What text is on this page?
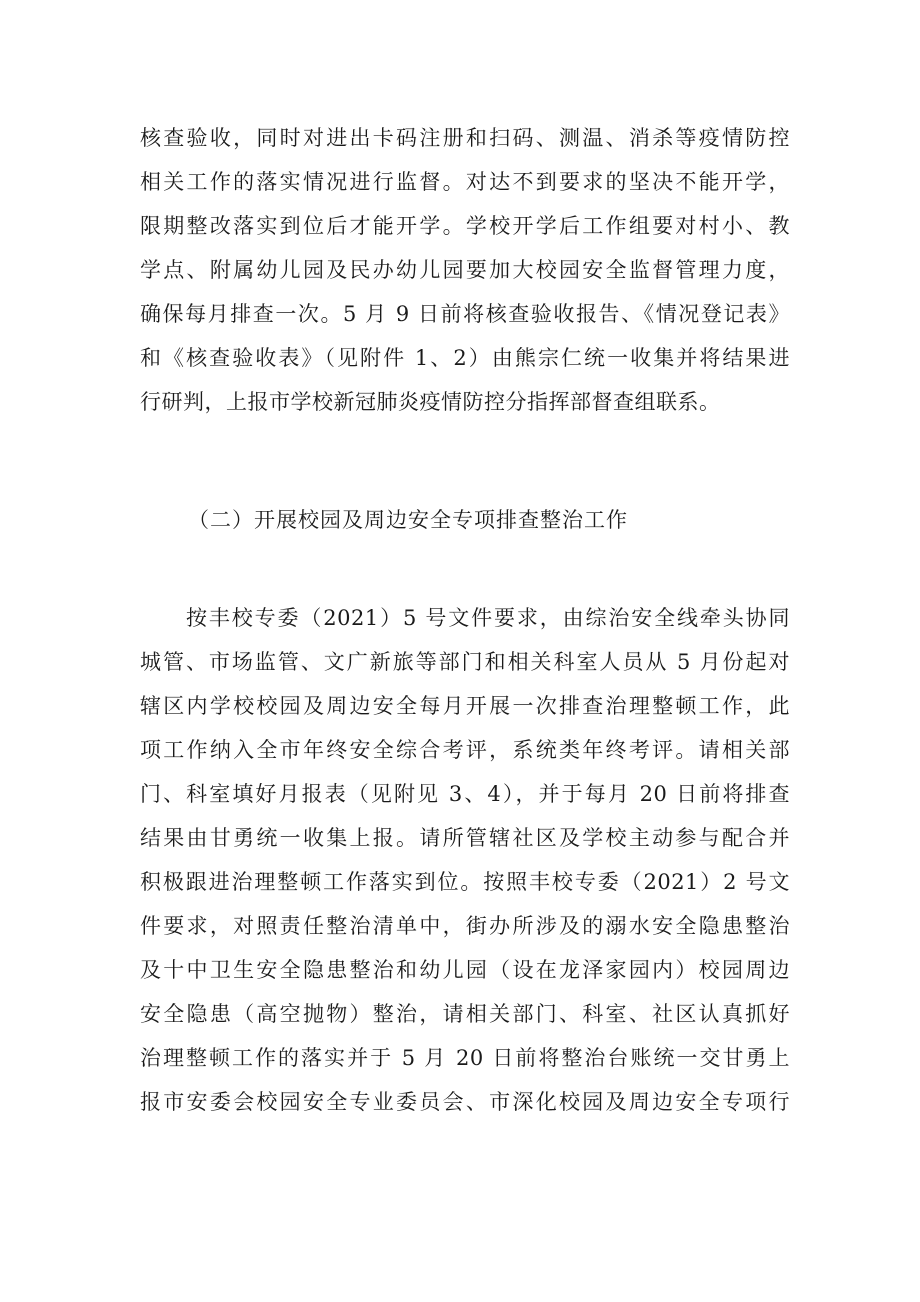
核查验收，同时对进出卡码注册和扫码、测温、消杀等疫情防控
相关工作的落实情况进行监督。对达不到要求的坚决不能开学，
限期整改落实到位后才能开学。学校开学后工作组要对村小、教
学点、附属幼儿园及民办幼儿园要加大校园安全监督管理力度，
确保每月排查一次。5 月 9 日前将核查验收报告、《情况登记表》
和《核查验收表》（见附件 1、2）由熊宗仁统一收集并将结果进
行研判，上报市学校新冠肺炎疫情防控分指挥部督查组联系。
（二）开展校园及周边安全专项排查整治工作
按丰校专委（2021）5 号文件要求，由综治安全线牵头协同
城管、市场监管、文广新旅等部门和相关科室人员从 5 月份起对
辖区内学校校园及周边安全每月开展一次排查治理整顿工作，此
项工作纳入全市年终安全综合考评，系统类年终考评。请相关部
门、科室填好月报表（见附见 3、4），并于每月 20 日前将排查
结果由甘勇统一收集上报。请所管辖社区及学校主动参与配合并
积极跟进治理整顿工作落实到位。按照丰校专委（2021）2 号文
件要求，对照责任整治清单中，街办所涉及的溺水安全隐患整治
及十中卫生安全隐患整治和幼儿园（设在龙泽家园内）校园周边
安全隐患（高空抛物）整治，请相关部门、科室、社区认真抓好
治理整顿工作的落实并于 5 月 20 日前将整治台账统一交甘勇上
报市安委会校园安全专业委员会、市深化校园及周边安全专项行
